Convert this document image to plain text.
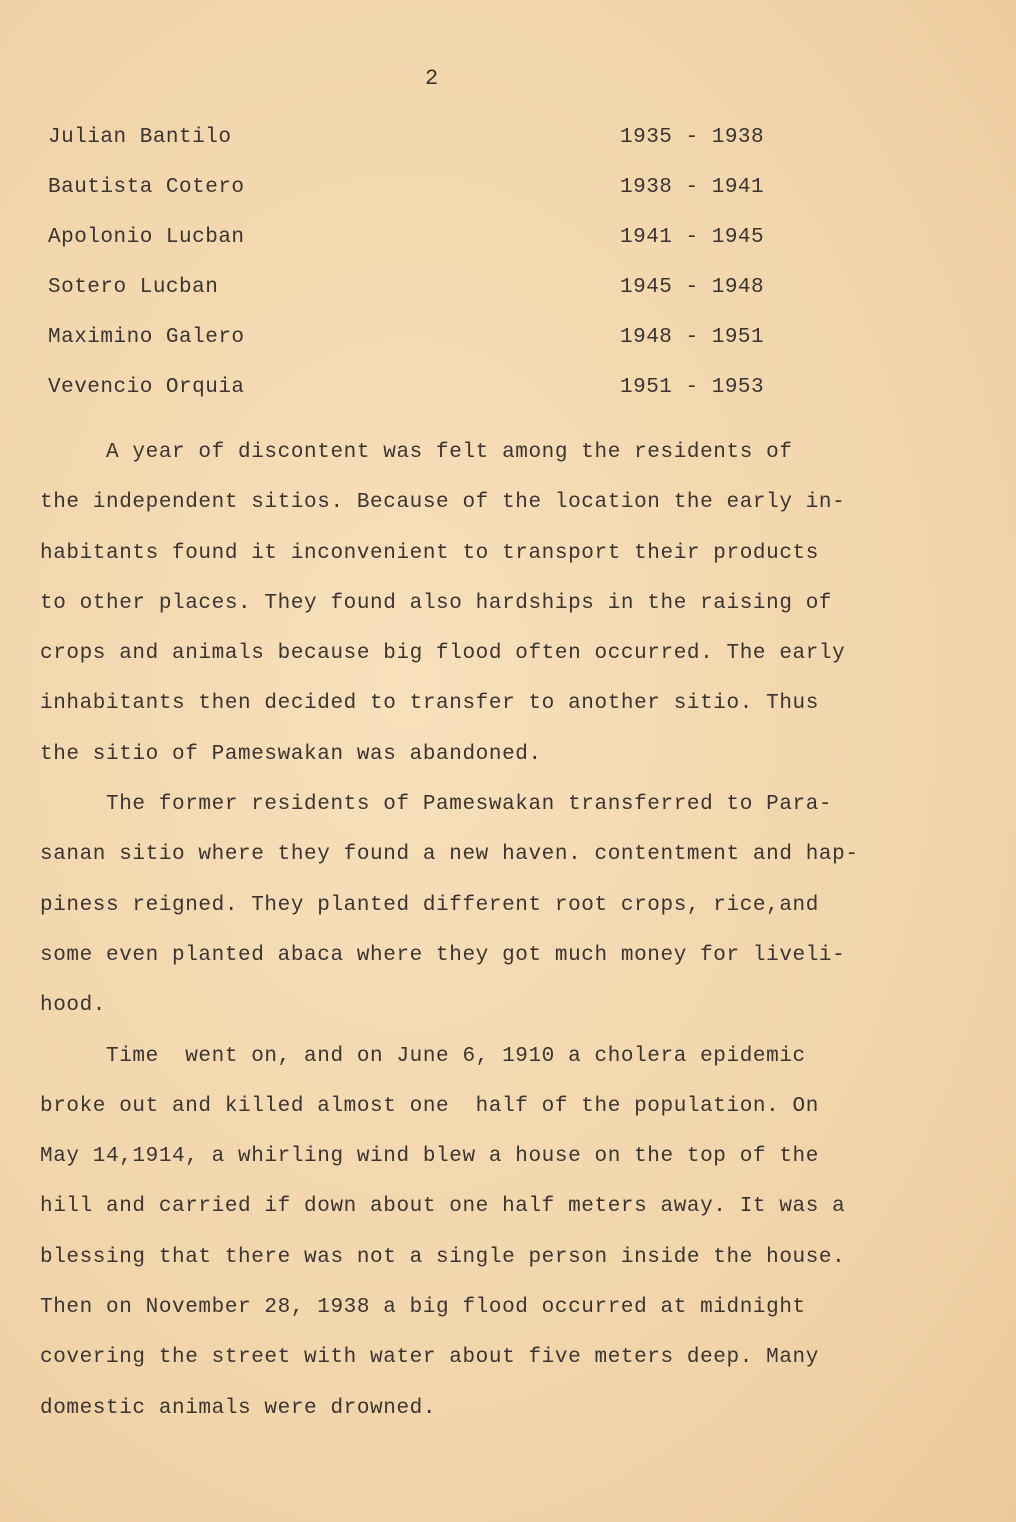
2
Julian Bantilo	1935 - 1938
Bautista Cotero	1938 - 1941
Apolonio Lucban	1941 - 1945
Sotero Lucban	1945 - 1948
Maximino Galero	1948 - 1951
Vevencio Orquia	1951 - 1953

A year of discontent was felt among the residents of
the independent sitios. Because of the location the early in-
habitants found it inconvenient to transport their products
to other places. They found also hardships in the raising of
crops and animals because big flood often occurred. The early
inhabitants then decided to transfer to another sitio. Thus
the sitio of Pameswakan was abandoned.

The former residents of Pameswakan transferred to Para-
sanan sitio where they found a new haven. contentment and hap-
piness reigned. They planted different root crops, rice,and
some even planted abaca where they got much money for liveli-
hood.

Time  went on, and on June 6, 1910 a cholera epidemic
broke out and killed almost one  half of the population. On
May 14,1914, a whirling wind blew a house on the top of the
hill and carried if down about one half meters away. It was a
blessing that there was not a single person inside the house.
Then on November 28, 1938 a big flood occurred at midnight
covering the street with water about five meters deep. Many
domestic animals were drowned.
